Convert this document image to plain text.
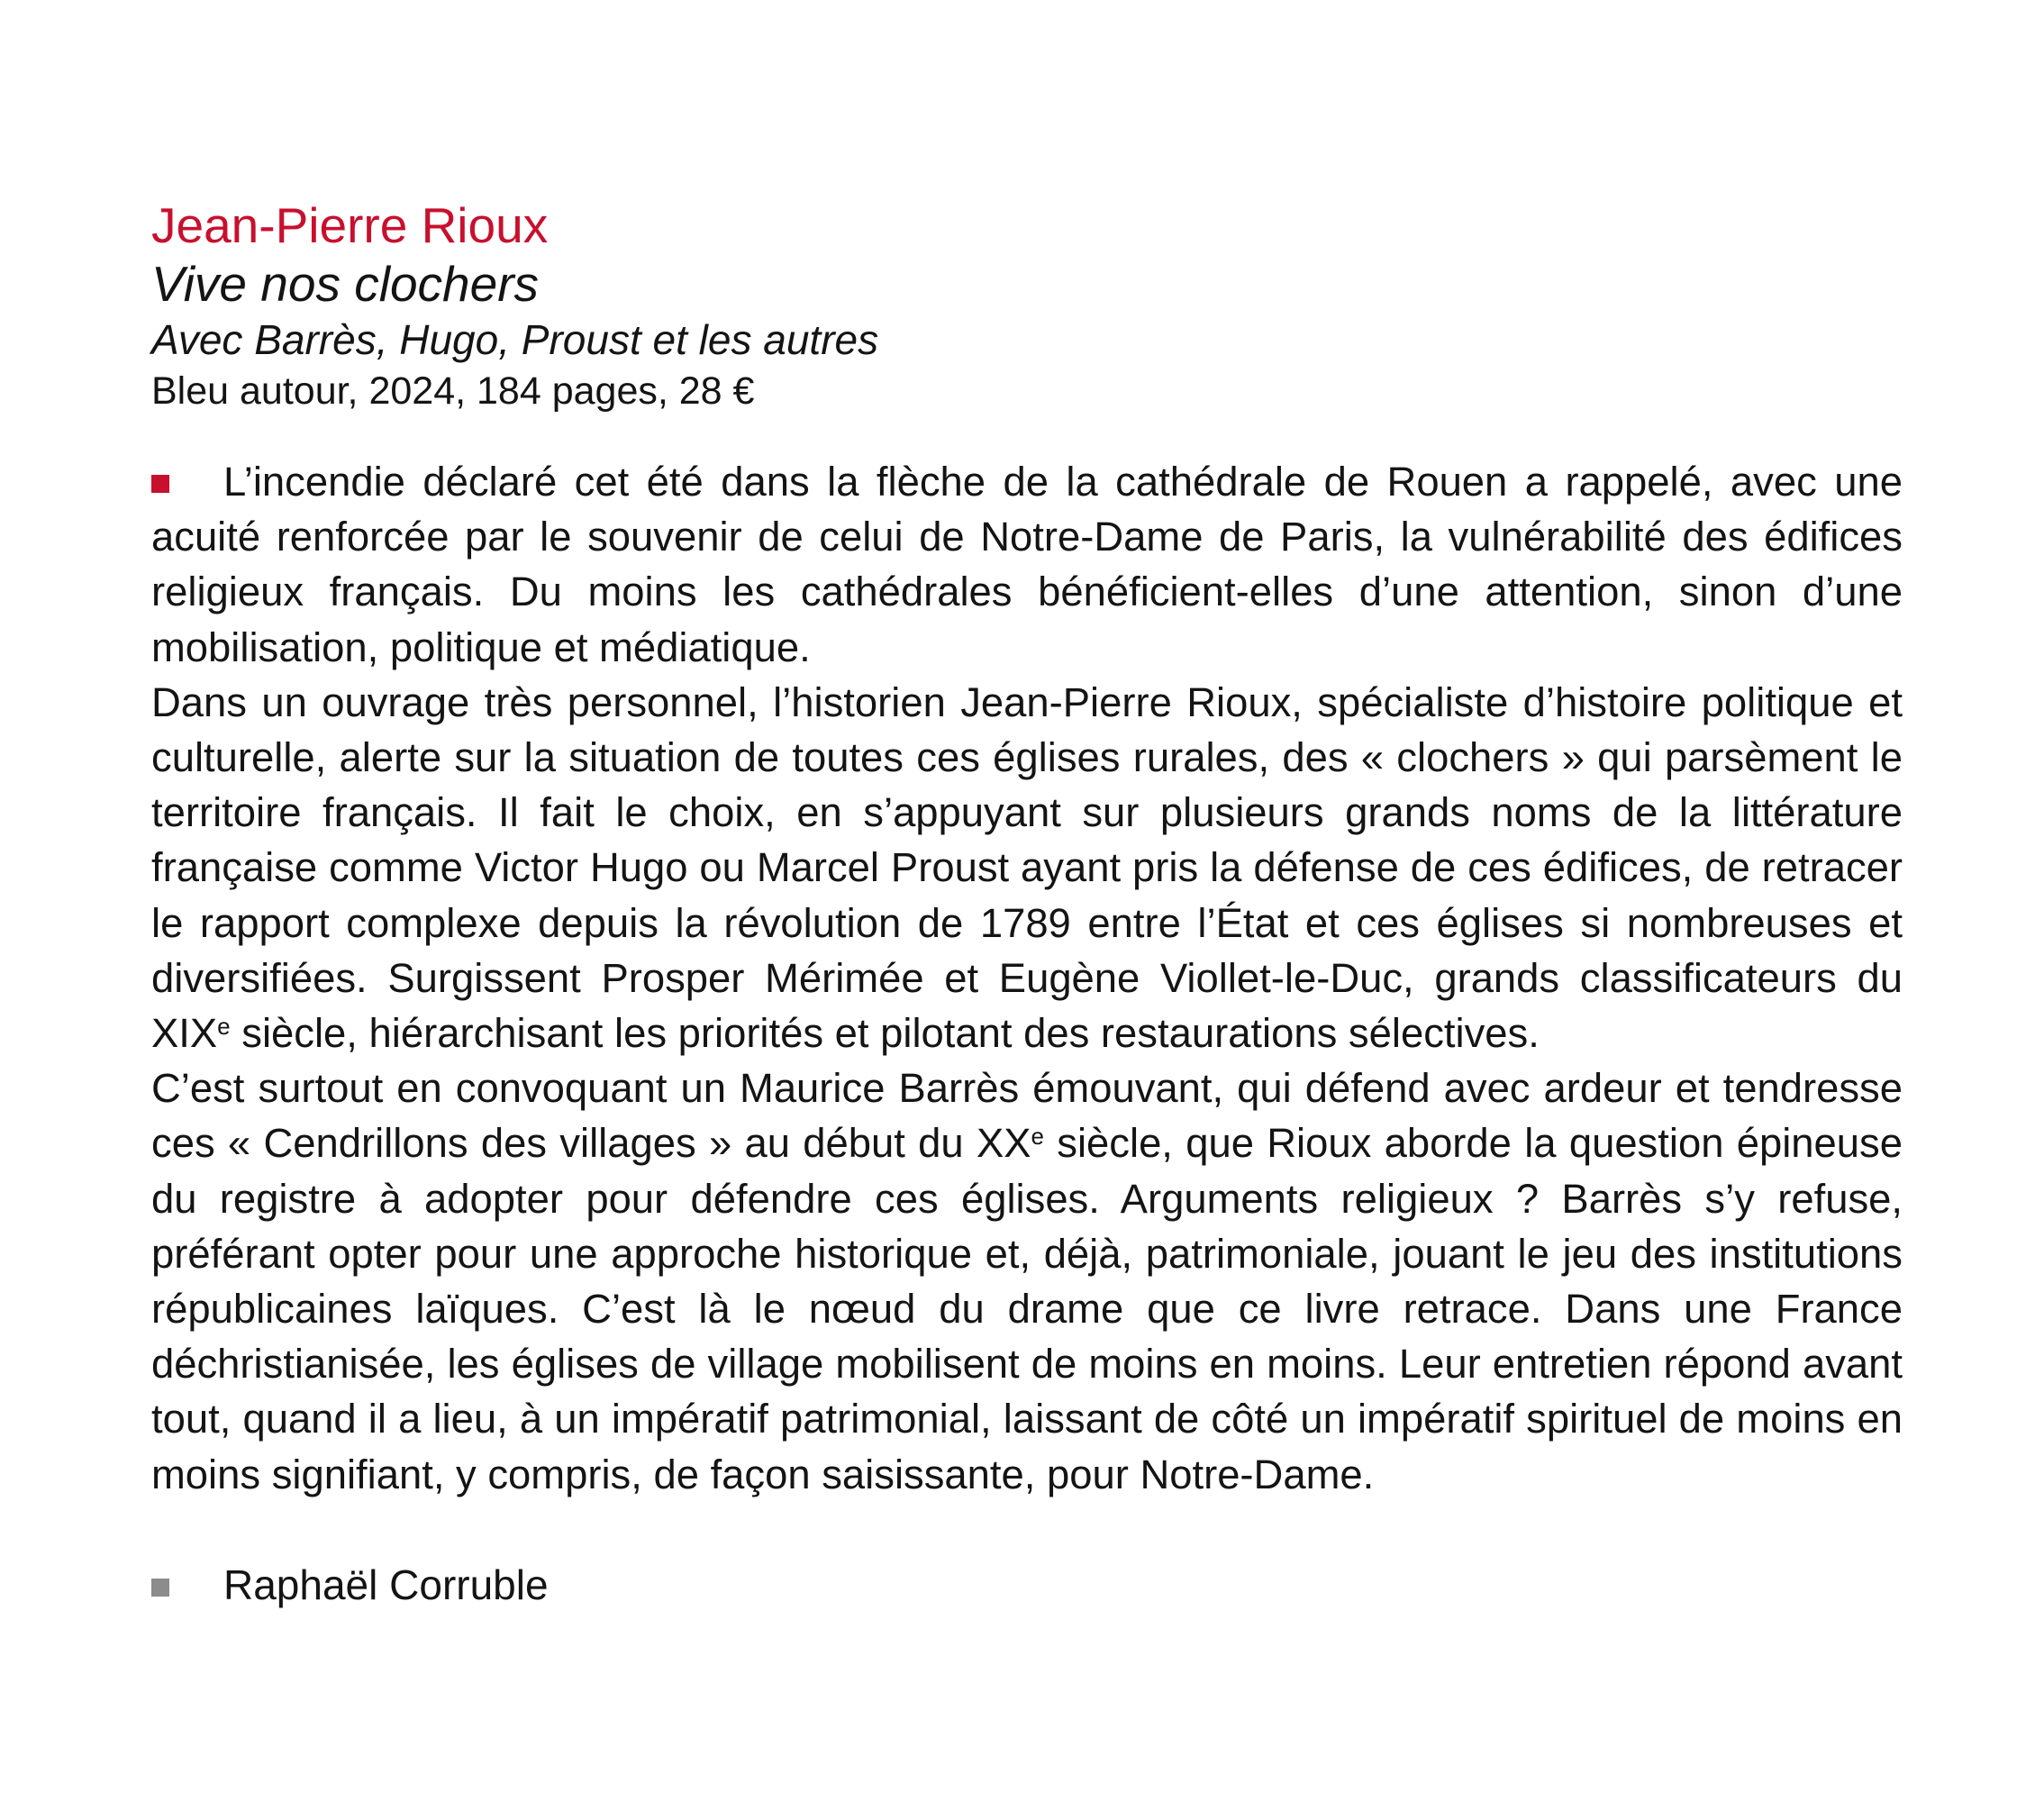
Jean-Pierre Rioux
Vive nos clochers
Avec Barrès, Hugo, Proust et les autres
Bleu autour, 2024, 184 pages, 28 €

L’incendie déclaré cet été dans la flèche de la cathédrale de Rouen a rappelé, avec une acuité renforcée par le souvenir de celui de Notre-Dame de Paris, la vulnérabilité des édifices religieux français. Du moins les cathédrales bénéficient-elles d’une attention, sinon d’une mobilisation, politique et médiatique.

Dans un ouvrage très personnel, l’historien Jean-Pierre Rioux, spécialiste d’histoire politique et culturelle, alerte sur la situation de toutes ces églises rurales, des « clochers » qui parsèment le territoire français. Il fait le choix, en s’appuyant sur plusieurs grands noms de la littérature française comme Victor Hugo ou Marcel Proust ayant pris la défense de ces édifices, de retracer le rapport complexe depuis la révolution de 1789 entre l’État et ces églises si nombreuses et diversifiées. Surgissent Prosper Mérimée et Eugène Viollet-le-Duc, grands classificateurs du XIXe siècle, hiérarchisant les priorités et pilotant des restaurations sélectives.

C’est surtout en convoquant un Maurice Barrès émouvant, qui défend avec ardeur et tendresse ces « Cendrillons des villages » au début du XXe siècle, que Rioux aborde la question épineuse du registre à adopter pour défendre ces églises. Arguments religieux ? Barrès s’y refuse, préférant opter pour une approche historique et, déjà, patrimoniale, jouant le jeu des institutions républicaines laïques. C’est là le nœud du drame que ce livre retrace. Dans une France déchristianisée, les églises de village mobilisent de moins en moins. Leur entretien répond avant tout, quand il a lieu, à un impératif patrimonial, laissant de côté un impératif spirituel de moins en moins signifiant, y compris, de façon saisissante, pour Notre-Dame.

Raphaël Corruble
